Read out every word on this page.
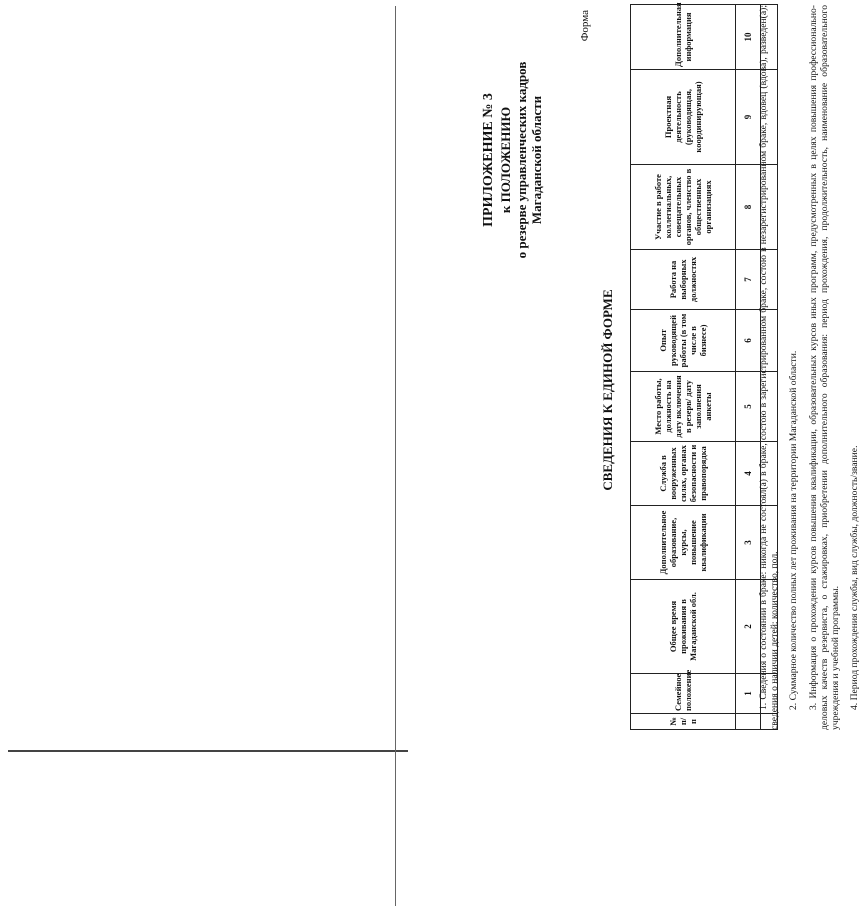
ПРИЛОЖЕНИЕ № 3 к ПОЛОЖЕНИЮ о резерве управленческих кадров Магаданской области
Форма
СВЕДЕНИЯ К ЕДИНОЙ ФОРМЕ
№ п/п	Семейное положение	Общее время проживания в Магаданской обл.	Дополнительное образование, курсы, повышение квалификации	Служба в вооруженных силах, органах безопасности и правопорядка	Место работы, должность на дату включения в резерв/ дату заполнения анкеты	Опыт руководящей работы (в том числе в бизнесе)	Работа на выборных должностях	Участие в работе коллегиальных, совещательных органов, членство в общественных организациях	Проектная деятельность (руководящая, координирующая)	Дополнительная информация
	1	2	3	4	5	6	7	8	9	10
										1. Сведения о состоянии в браке: никогда не состоял(а) в браке, состою в зарегистрированном браке, состою в незарегистрированном браке, вдовец (вдова), разведен(а); сведения о наличии детей: количество, пол. 2. Суммарное количество полных лет проживания на территории Магаданской области. 3. Информация о прохождении курсов повышения квалификации, образовательных курсов иных программ, предусмотренных в целях повышения профессионально-деловых качеств резервиста, о стажировках, приобретении дополнительного образования: период прохождения, продолжительность, наименование образовательного учреждения и учебной программы. 4. Период прохождения службы, вид службы, должность/звание.
